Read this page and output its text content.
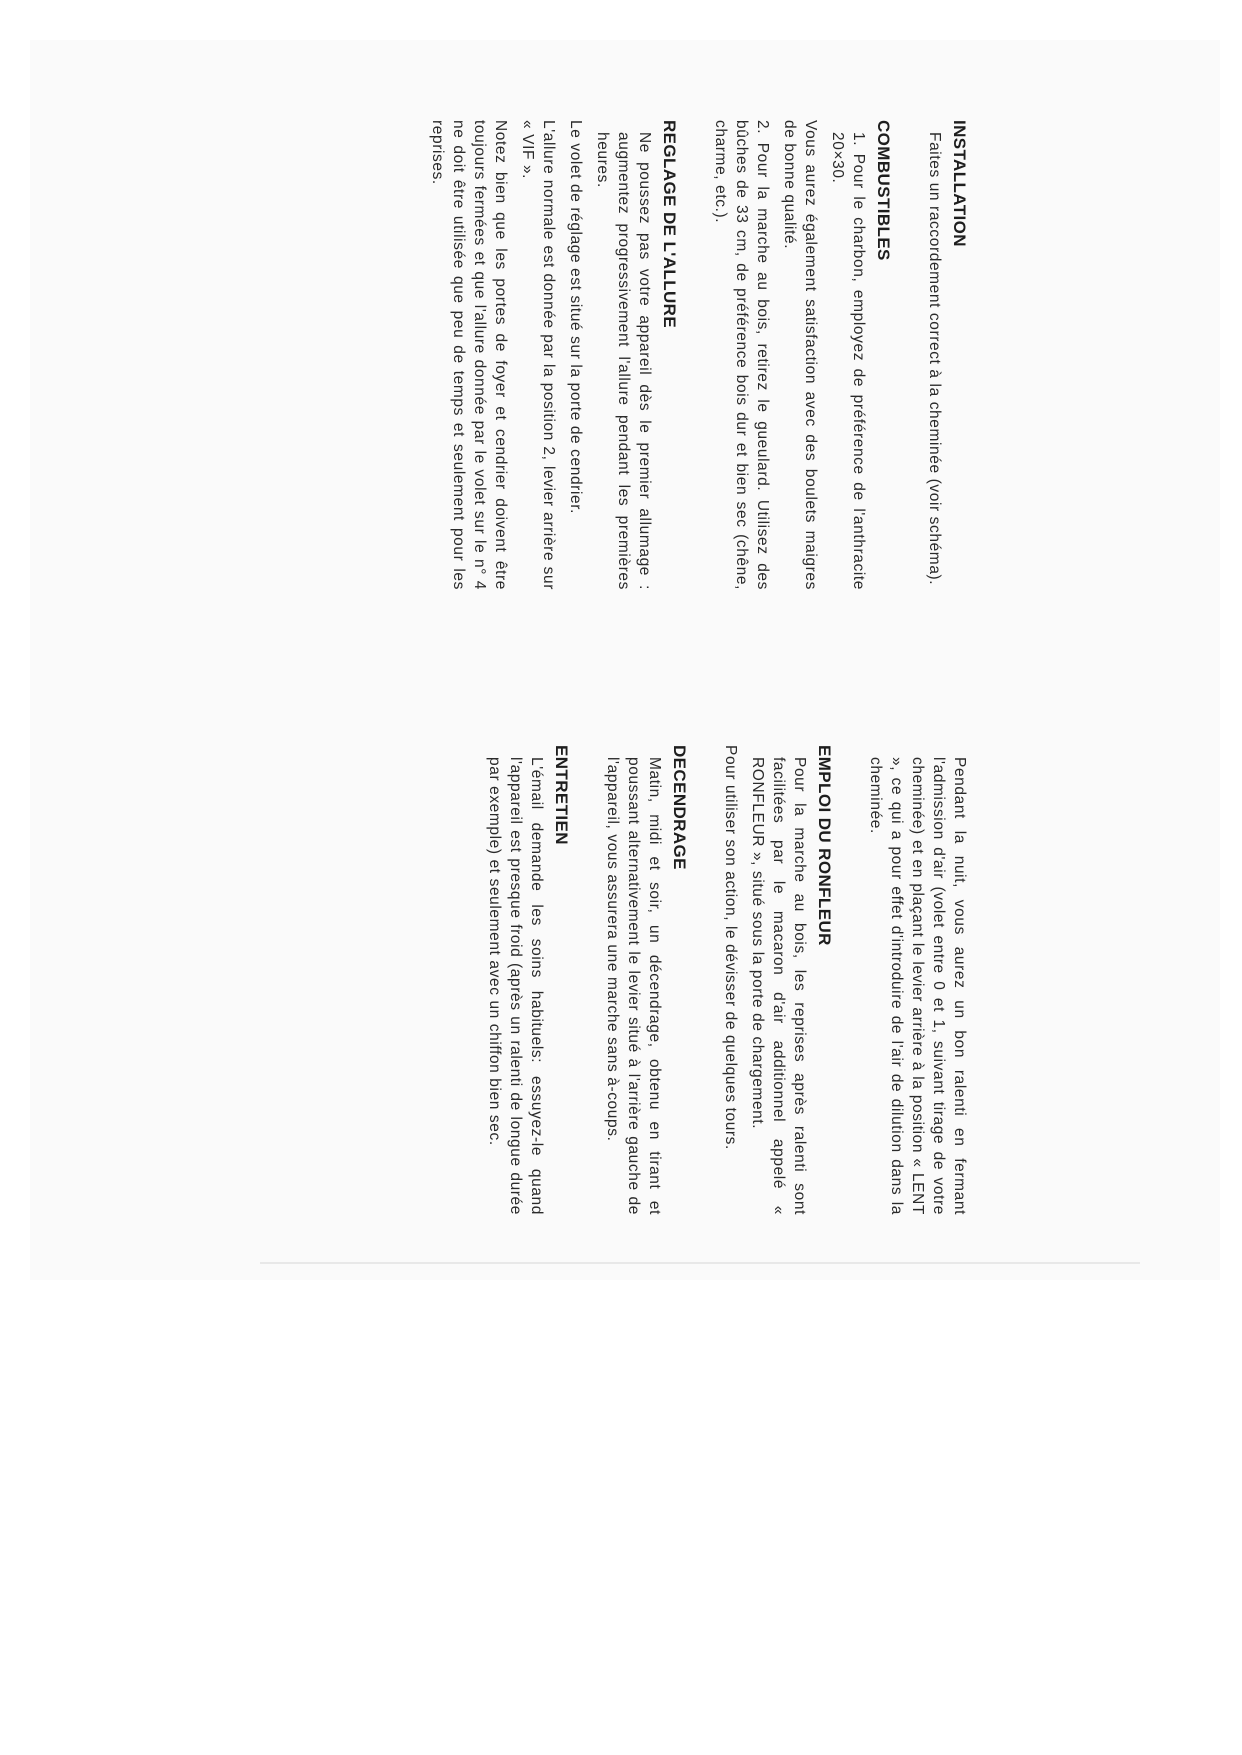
INSTALLATION

Faites un raccordement correct à la cheminée (voir schéma).

COMBUSTIBLES

1. Pour le charbon, employez de préférence de l'anthracite 20×30.

Vous aurez également satisfaction avec des boulets maigres de bonne qualité.

2. Pour la marche au bois, retirez le gueulard. Utilisez des bûches de 33 cm, de préférence bois dur et bien sec (chêne, charme, etc.).

REGLAGE DE L'ALLURE

Ne poussez pas votre appareil dès le premier allumage : augmentez progressivement l'allure pendant les premières heures.

Le volet de réglage est situé sur la porte de cendrier.

L'allure normale est donnée par la position 2, levier arrière sur « VIF ».

Notez bien que les portes de foyer et cendrier doivent être toujours fermées et que l'allure donnée par le volet sur le n° 4 ne doit être utilisée que peu de temps et seulement pour les reprises.

Pendant la nuit, vous aurez un bon ralenti en fermant l'admission d'air (volet entre 0 et 1, suivant tirage de votre cheminée) et en plaçant le levier arrière à la position « LENT », ce qui a pour effet d'introduire de l'air de dilution dans la cheminée.

EMPLOI DU RONFLEUR

Pour la marche au bois, les reprises après ralenti sont facilitées par le macaron d'air additionnel appelé « RONFLEUR », situé sous la porte de chargement.

Pour utiliser son action, le dévisser de quelques tours.

DECENDRAGE

Matin, midi et soir, un décendrage, obtenu en tirant et poussant alternativement le levier situé à l'arrière gauche de l'appareil, vous assurera une marche sans à-coups.

ENTRETIEN

L'émail demande les soins habituels: essuyez-le quand l'appareil est presque froid (après un ralenti de longue durée par exemple) et seulement avec un chiffon bien sec.
